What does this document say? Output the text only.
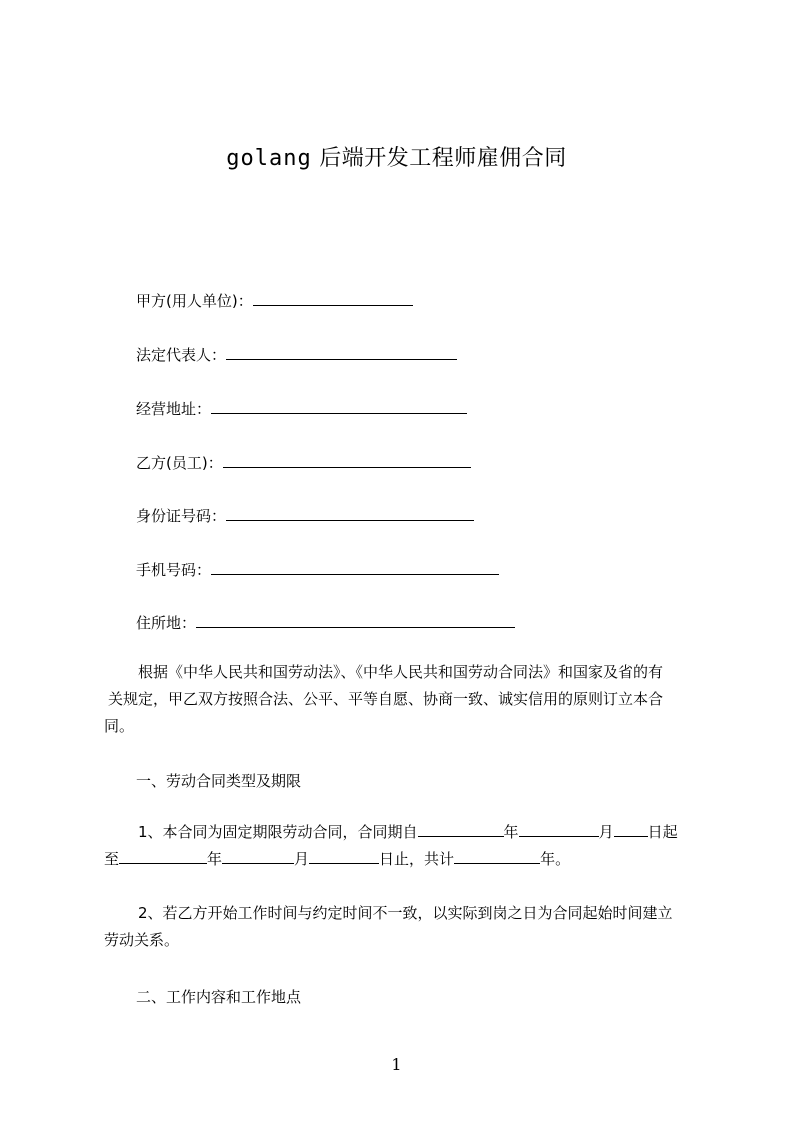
golang 后端开发工程师雇佣合同
甲方(用人单位)：
法定代表人：
经营地址：
乙方(员工)：
身份证号码：
手机号码：
住所地：
根据《中华人民共和国劳动法》、《中华人民共和国劳动合同法》和国家及省的有
关规定，甲乙双方按照合法、公平、平等自愿、协商一致、诚实信用的原则订立本合
同。
一、劳动合同类型及期限
1、本合同为固定期限劳动合同，合同期自	年	月 日起
至	年	月	日止，共计	年。
2、若乙方开始工作时间与约定时间不一致，以实际到岗之日为合同起始时间建立
劳动关系。
二、工作内容和工作地点
1
